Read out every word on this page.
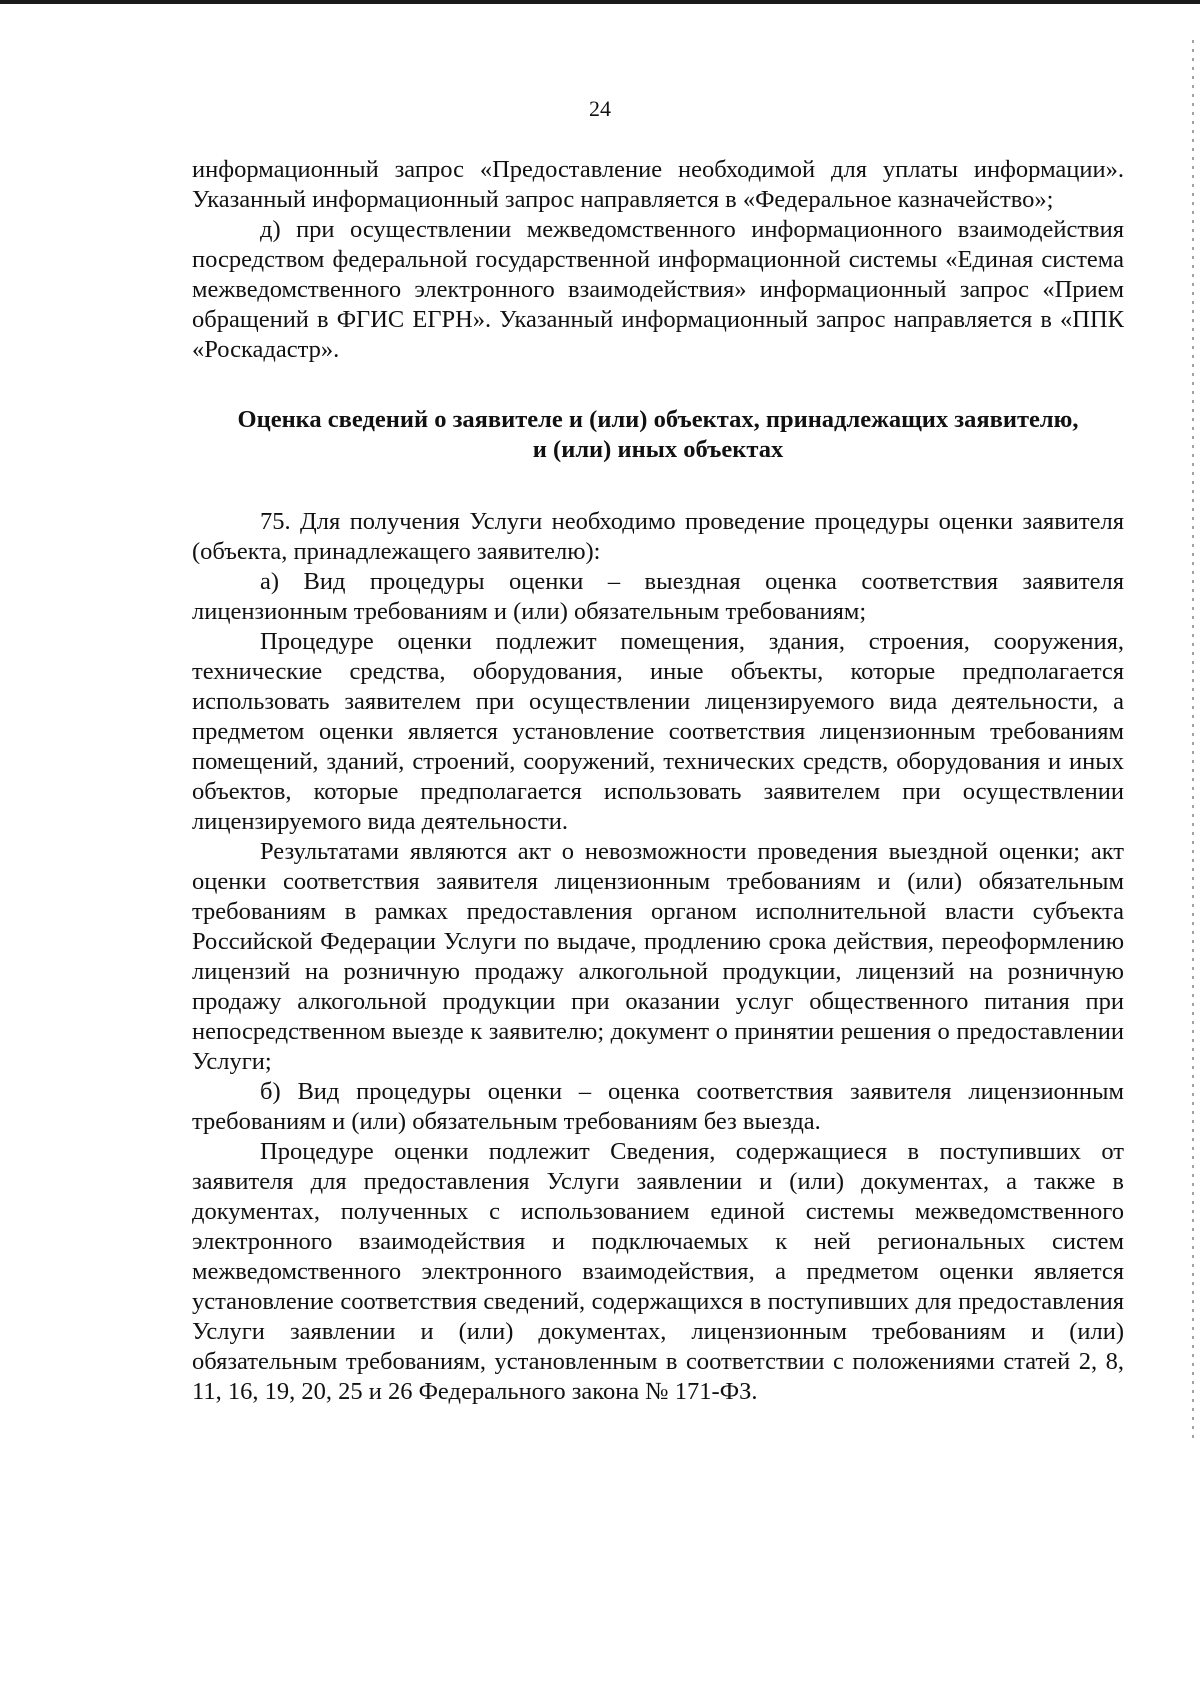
24

информационный запрос «Предоставление необходимой для уплаты информации». Указанный информационный запрос направляется в «Федеральное казначейство»;

д) при осуществлении межведомственного информационного взаимодействия посредством федеральной государственной информационной системы «Единая система межведомственного электронного взаимодействия» информационный запрос «Прием обращений в ФГИС ЕГРН». Указанный информационный запрос направляется в «ППК «Роскадастр».

Оценка сведений о заявителе и (или) объектах, принадлежащих заявителю,
и (или) иных объектах

75. Для получения Услуги необходимо проведение процедуры оценки заявителя (объекта, принадлежащего заявителю):

а) Вид процедуры оценки – выездная оценка соответствия заявителя лицензионным требованиям и (или) обязательным требованиям;

Процедуре оценки подлежит помещения, здания, строения, сооружения, технические средства, оборудования, иные объекты, которые предполагается использовать заявителем при осуществлении лицензируемого вида деятельности, а предметом оценки является установление соответствия лицензионным требованиям помещений, зданий, строений, сооружений, технических средств, оборудования и иных объектов, которые предполагается использовать заявителем при осуществлении лицензируемого вида деятельности.

Результатами являются акт о невозможности проведения выездной оценки; акт оценки соответствия заявителя лицензионным требованиям и (или) обязательным требованиям в рамках предоставления органом исполнительной власти субъекта Российской Федерации Услуги по выдаче, продлению срока действия, переоформлению лицензий на розничную продажу алкогольной продукции, лицензий на розничную продажу алкогольной продукции при оказании услуг общественного питания при непосредственном выезде к заявителю; документ о принятии решения о предоставлении Услуги;

б) Вид процедуры оценки – оценка соответствия заявителя лицензионным требованиям и (или) обязательным требованиям без выезда.

Процедуре оценки подлежит Сведения, содержащиеся в поступивших от заявителя для предоставления Услуги заявлении и (или) документах, а также в документах, полученных с использованием единой системы межведомственного электронного взаимодействия и подключаемых к ней региональных систем межведомственного электронного взаимодействия, а предметом оценки является установление соответствия сведений, содержащихся в поступивших для предоставления Услуги заявлении и (или) документах, лицензионным требованиям и (или) обязательным требованиям, установленным в соответствии с положениями статей 2, 8, 11, 16, 19, 20, 25 и 26 Федерального закона № 171-ФЗ.
